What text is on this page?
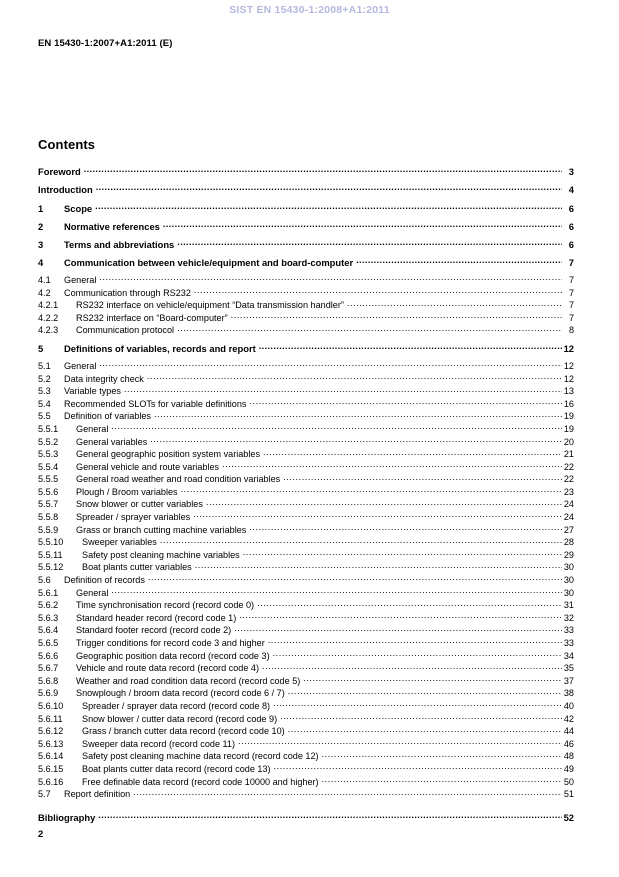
SIST EN 15430-1:2008+A1:2011
EN 15430-1:2007+A1:2011 (E)
Contents
Foreword .....	3
Introduction .....	4
1	Scope .....	6
2	Normative references .....	6
3	Terms and abbreviations .....	6
4	Communication between vehicle/equipment and board-computer .....	7
4.1	General .....	7
4.2	Communication through RS232 .....	7
4.2.1	RS232 interface on vehicle/equipment “Data transmission handler” .....	7
4.2.2	RS232 interface on “Board-computer” .....	7
4.2.3	Communication protocol .....	8
5	Definitions of variables, records and report .....	12
5.1	General .....	12
5.2	Data integrity check .....	12
5.3	Variable types .....	13
5.4	Recommended SLOTs for variable definitions .....	16
5.5	Definition of variables .....	19
5.5.1	General .....	19
5.5.2	General variables .....	20
5.5.3	General geographic position system variables .....	21
5.5.4	General vehicle and route variables .....	22
5.5.5	General road weather and road condition variables .....	22
5.5.6	Plough / Broom variables .....	23
5.5.7	Snow blower or cutter variables .....	24
5.5.8	Spreader / sprayer variables .....	24
5.5.9	Grass or branch cutting machine variables .....	27
5.5.10	Sweeper variables .....	28
5.5.11	Safety post cleaning machine variables .....	29
5.5.12	Boat plants cutter variables .....	30
5.6	Definition of records .....	30
5.6.1	General .....	30
5.6.2	Time synchronisation record (record code 0) .....	31
5.6.3	Standard header record (record code 1) .....	32
5.6.4	Standard footer record (record code 2) .....	33
5.6.5	Trigger conditions for record code 3 and higher .....	33
5.6.6	Geographic position data record (record code 3) .....	34
5.6.7	Vehicle and route data record (record code 4) .....	35
5.6.8	Weather and road condition data record (record code 5) .....	37
5.6.9	Snowplough / broom data record (record code 6 / 7) .....	38
5.6.10	Spreader / sprayer data record (record code 8) .....	40
5.6.11	Snow blower / cutter data record (record code 9) .....	42
5.6.12	Grass / branch cutter data record (record code 10) .....	44
5.6.13	Sweeper data record (record code 11) .....	46
5.6.14	Safety post cleaning machine data record (record code 12) .....	48
5.6.15	Boat plants cutter data record (record code 13) .....	49
5.6.16	Free definable data record (record code 10000 and higher) .....	50
5.7	Report definition .....	51
Bibliography .....	52
2
